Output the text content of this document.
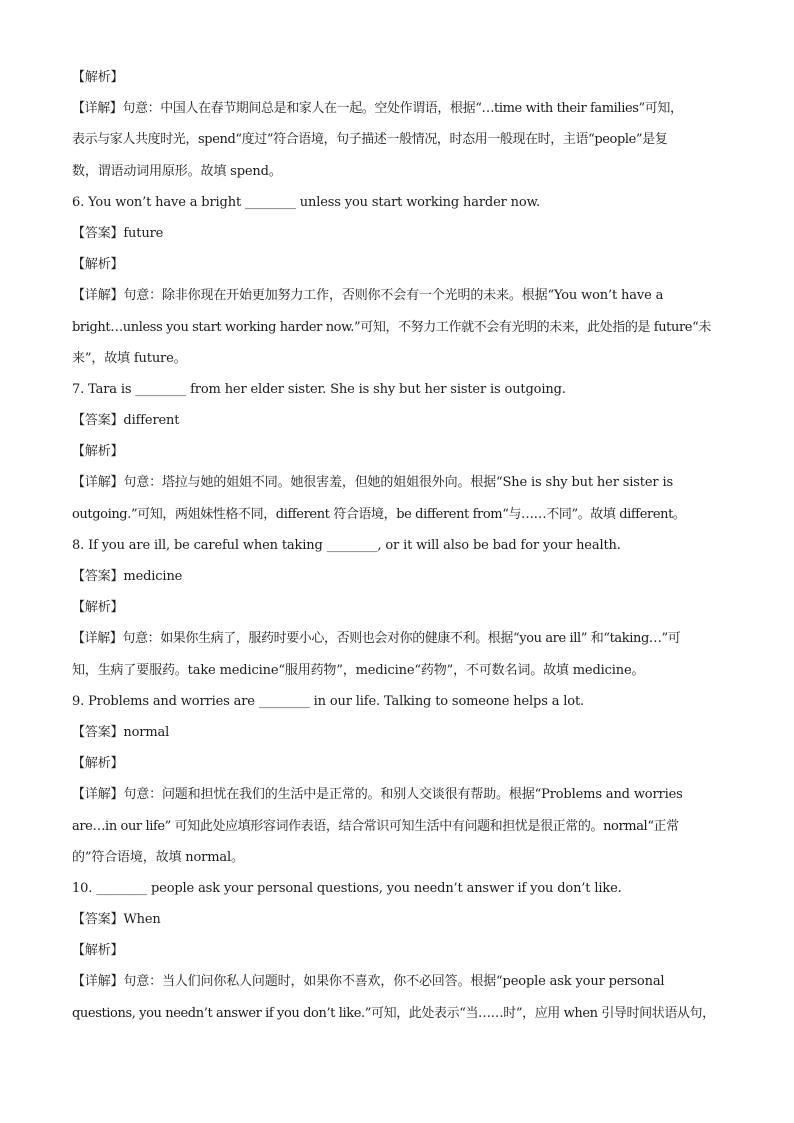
【解析】
【详解】句意：中国人在春节期间总是和家人在一起。空处作谓语，根据“…time with their families”可知，
表示与家人共度时光，spend“度过”符合语境，句子描述一般情况，时态用一般现在时，主语“people”是复
数，谓语动词用原形。故填 spend。
6. You won’t have a bright ________ unless you start working harder now.
【答案】future
【解析】
【详解】句意：除非你现在开始更加努力工作，否则你不会有一个光明的未来。根据“You won’t have a
bright…unless you start working harder now.”可知，不努力工作就不会有光明的未来，此处指的是 future“未
来”，故填 future。
7. Tara is ________ from her elder sister. She is shy but her sister is outgoing.
【答案】different
【解析】
【详解】句意：塔拉与她的姐姐不同。她很害羞，但她的姐姐很外向。根据“She is shy but her sister is
outgoing.”可知，两姐妹性格不同，different 符合语境，be different from“与……不同”。故填 different。
8. If you are ill, be careful when taking ________, or it will also be bad for your health.
【答案】medicine
【解析】
【详解】句意：如果你生病了，服药时要小心，否则也会对你的健康不利。根据“you are ill” 和“taking…”可
知，生病了要服药。take medicine“服用药物”，medicine“药物”，不可数名词。故填 medicine。
9. Problems and worries are ________ in our life. Talking to someone helps a lot.
【答案】normal
【解析】
【详解】句意：问题和担忧在我们的生活中是正常的。和别人交谈很有帮助。根据“Problems and worries
are…in our life” 可知此处应填形容词作表语，结合常识可知生活中有问题和担忧是很正常的。normal“正常
的”符合语境，故填 normal。
10. ________ people ask your personal questions, you needn’t answer if you don’t like.
【答案】When
【解析】
【详解】句意：当人们问你私人问题时，如果你不喜欢，你不必回答。根据“people ask your personal
questions, you needn’t answer if you don’t like.”可知，此处表示“当……时”，应用 when 引导时间状语从句，
